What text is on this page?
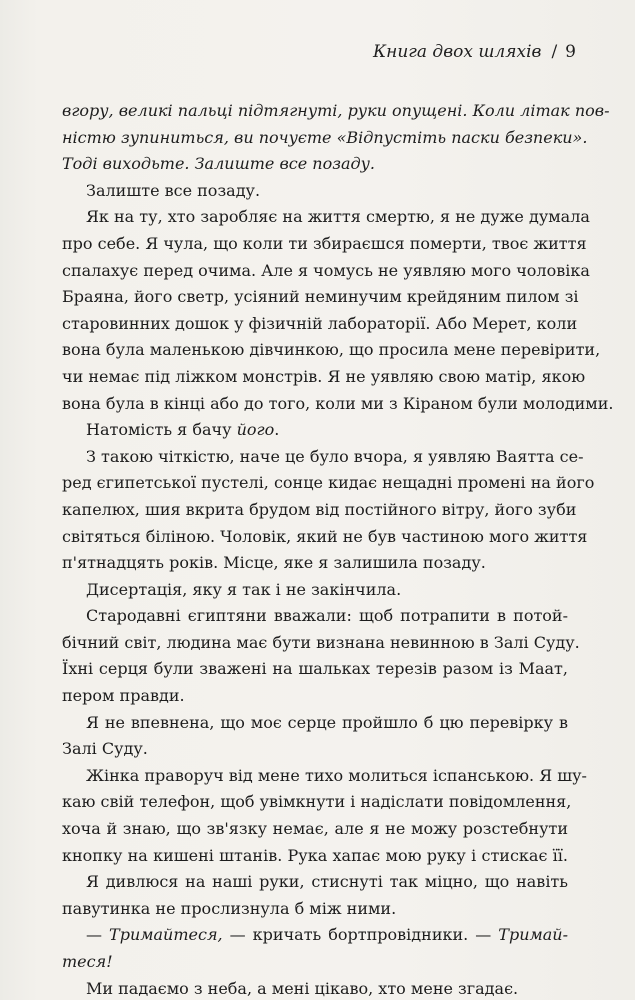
Книга двох шляхів / 9

вгору, великі пальці підтягнуті, руки опущені. Коли літак пов-
ністю зупиниться, ви почуєте «Відпустіть паски безпеки».
Тоді виходьте. Залиште все позаду.

Залиште все позаду.

Як на ту, хто заробляє на життя смертю, я не дуже думала
про себе. Я чула, що коли ти збираєшся померти, твоє життя
спалахує перед очима. Але я чомусь не уявляю мого чоловіка
Браяна, його светр, усіяний неминучим крейдяним пилом зі
старовинних дошок у фізичній лабораторії. Або Мерет, коли
вона була маленькою дівчинкою, що просила мене перевірити,
чи немає під ліжком монстрів. Я не уявляю свою матір, якою
вона була в кінці або до того, коли ми з Кіраном були молодими.

Натомість я бачу його.

З такою чіткістю, наче це було вчора, я уявляю Ваятта се-
ред єгипетської пустелі, сонце кидає нещадні промені на його
капелюх, шия вкрита брудом від постійного вітру, його зуби
світяться біліною. Чоловік, який не був частиною мого життя
п'ятнадцять років. Місце, яке я залишила позаду.

Дисертація, яку я так і не закінчила.

Стародавні єгиптяни вважали: щоб потрапити в потой-
бічний світ, людина має бути визнана невинною в Залі Суду.
Їхні серця були зважені на шальках терезів разом із Маат,
пером правди.

Я не впевнена, що моє серце пройшло б цю перевірку в
Залі Суду.

Жінка праворуч від мене тихо молиться іспанською. Я шу-
каю свій телефон, щоб увімкнути і надіслати повідомлення,
хоча й знаю, що зв'язку немає, але я не можу розстебнути
кнопку на кишені штанів. Рука хапає мою руку і стискає її.

Я дивлюся на наші руки, стиснуті так міцно, що навіть
павутинка не прослизнула б між ними.

— Тримайтеся, — кричать бортпровідники. — Тримай-
теся!

Ми падаємо з неба, а мені цікаво, хто мене згадає.
